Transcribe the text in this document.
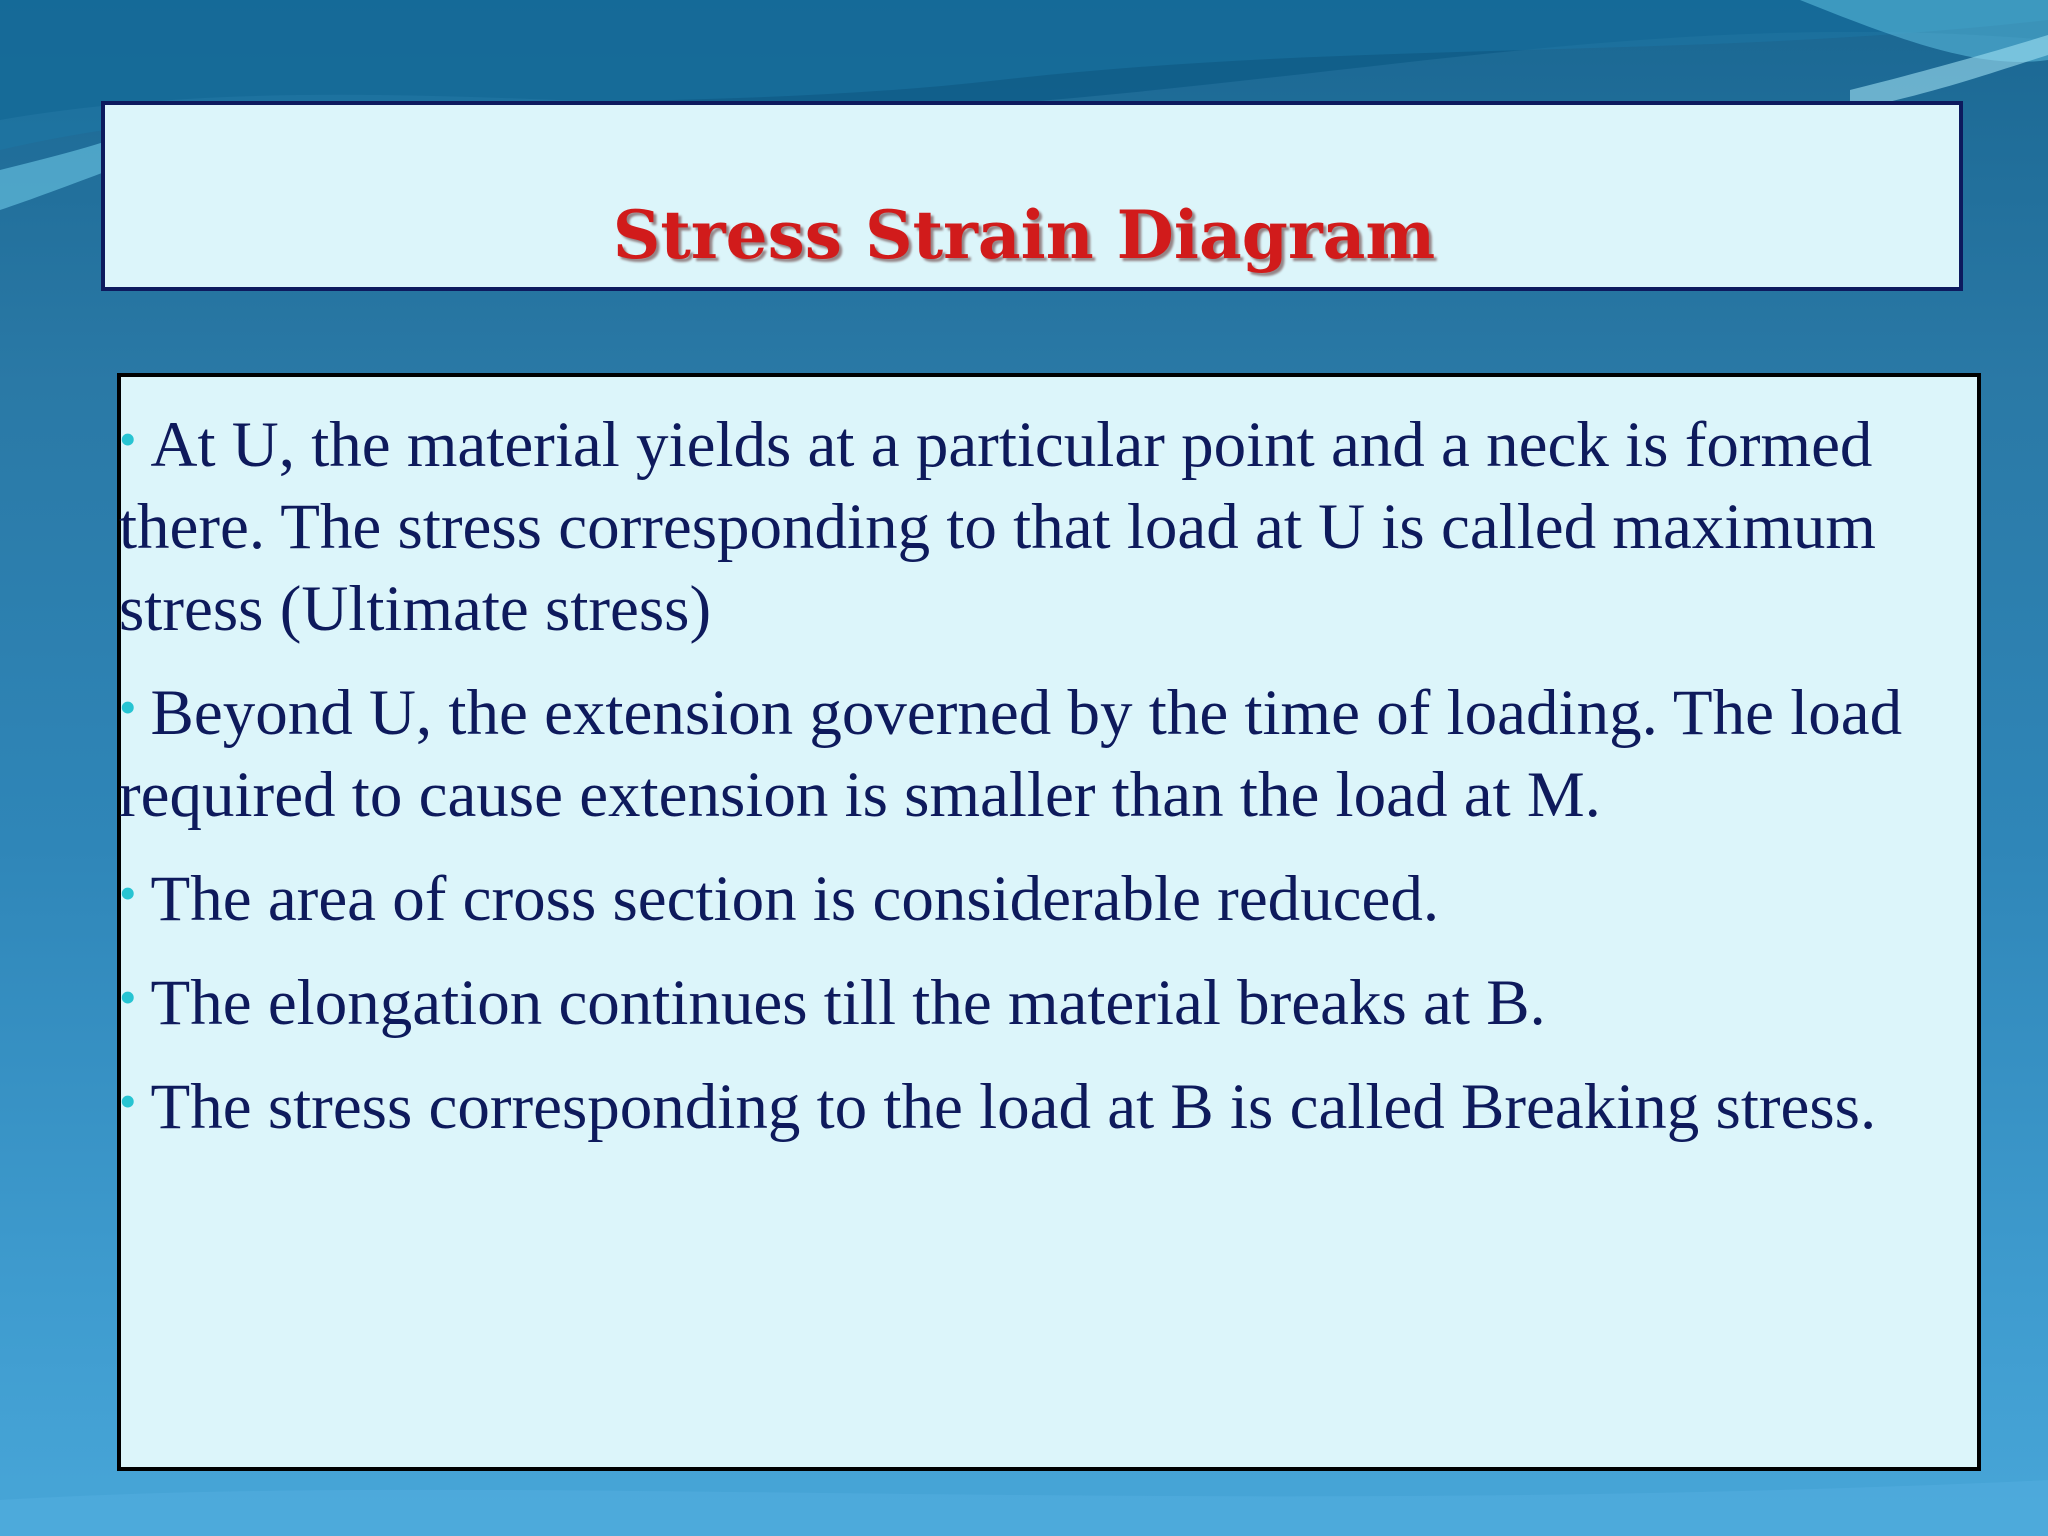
Stress Strain Diagram
• At U, the material yields at a particular point and a neck is formed there. The stress corresponding to that load at U is called maximum stress (Ultimate stress)
• Beyond U, the extension governed by the time of loading. The load required to cause extension is smaller than the load at M.
• The area of cross section is considerable reduced.
• The elongation continues till the material breaks at B.
• The stress corresponding to the load at B is called Breaking stress.
